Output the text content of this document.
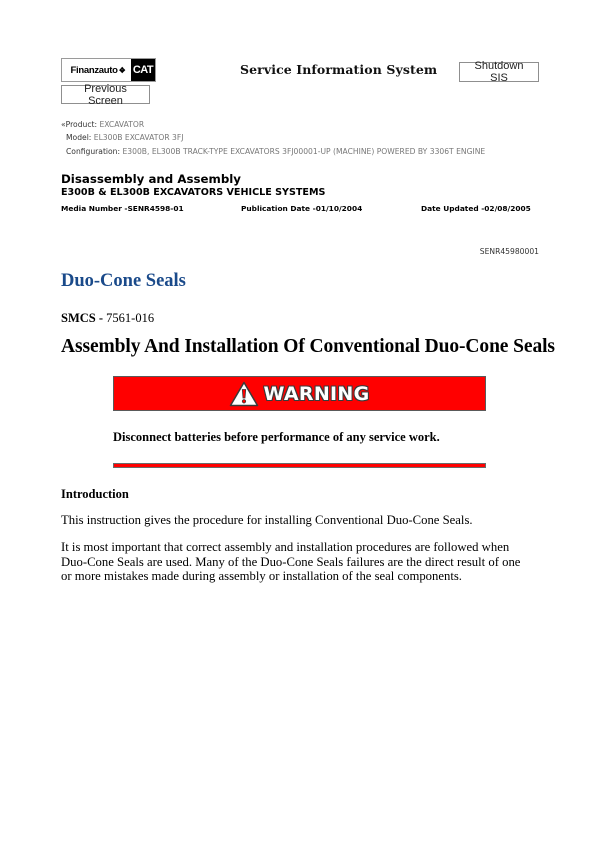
Finanzauto ❖ CAT	Service Information System	Shutdown SIS
Previous Screen
«Product: EXCAVATOR
Model: EL300B EXCAVATOR 3FJ
Configuration: E300B, EL300B TRACK-TYPE EXCAVATORS 3FJ00001-UP (MACHINE) POWERED BY 3306T ENGINE
Disassembly and Assembly
E300B & EL300B EXCAVATORS VEHICLE SYSTEMS
Media Number -SENR4598-01	Publication Date -01/10/2004	Date Updated -02/08/2005
SENR45980001
Duo-Cone Seals
SMCS - 7561-016
Assembly And Installation Of Conventional Duo-Cone Seals
WARNING
Disconnect batteries before performance of any service work.
Introduction
This instruction gives the procedure for installing Conventional Duo-Cone Seals.
It is most important that correct assembly and installation procedures are followed when Duo-Cone Seals are used. Many of the Duo-Cone Seals failures are the direct result of one or more mistakes made during assembly or installation of the seal components.
